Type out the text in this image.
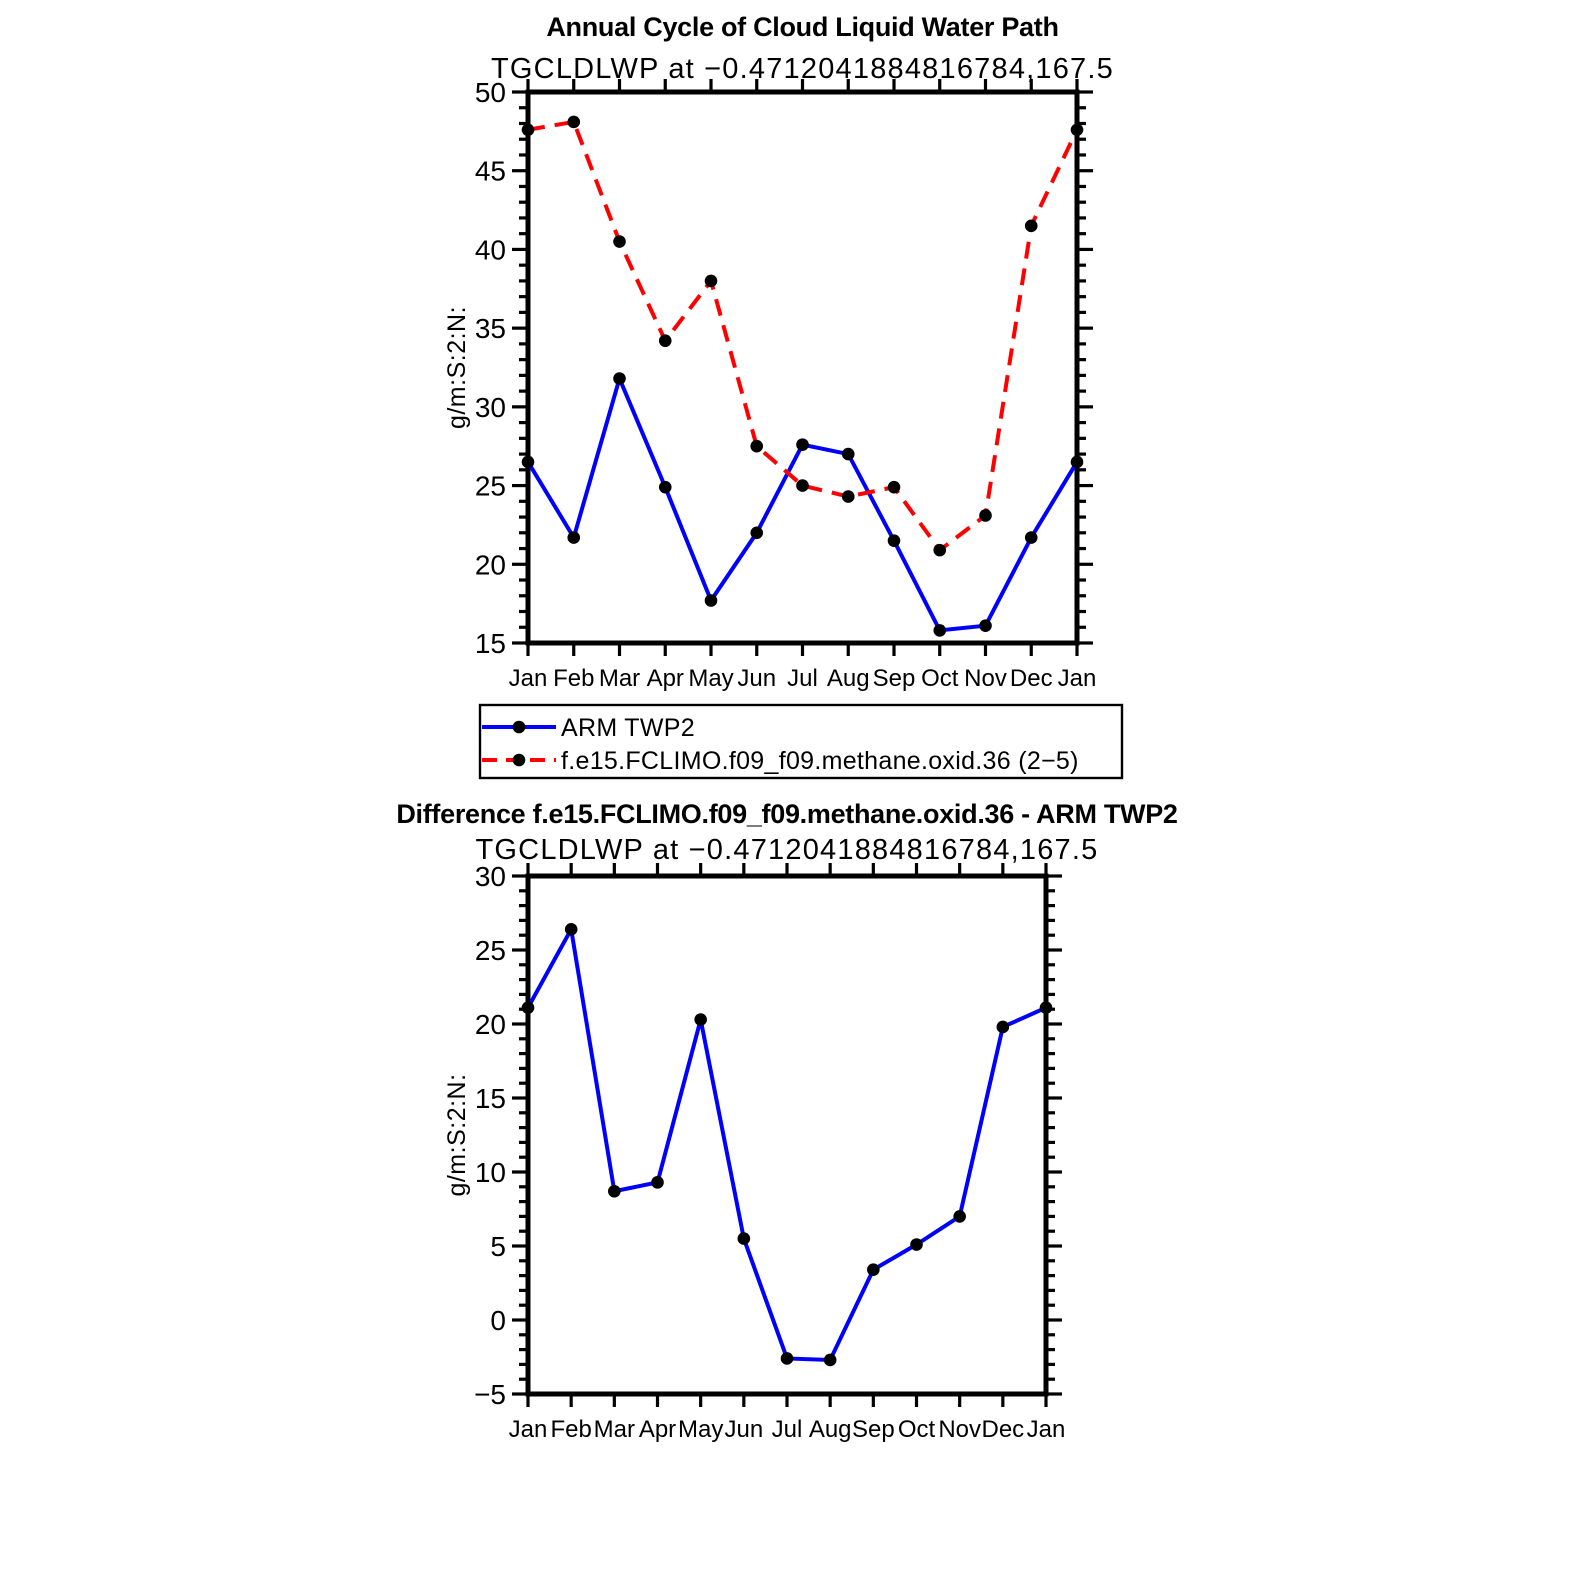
Annual Cycle of Cloud Liquid Water Path
TGCLDLWP at −0.4712041884816784,167.5
15
20
25
30
35
40
45
50
Jan Feb Mar Apr May Jun Jul Aug Sep Oct Nov Dec Jan
g/m:S:2:N:
ARM TWP2
f.e15.FCLIMO.f09_f09.methane.oxid.36 (2−5)
Difference f.e15.FCLIMO.f09_f09.methane.oxid.36 - ARM TWP2
TGCLDLWP at −0.4712041884816784,167.5
−5
0
5
10
15
20
25
30
Jan Feb Mar Apr May Jun Jul Aug Sep Oct Nov Dec Jan
g/m:S:2:N:
